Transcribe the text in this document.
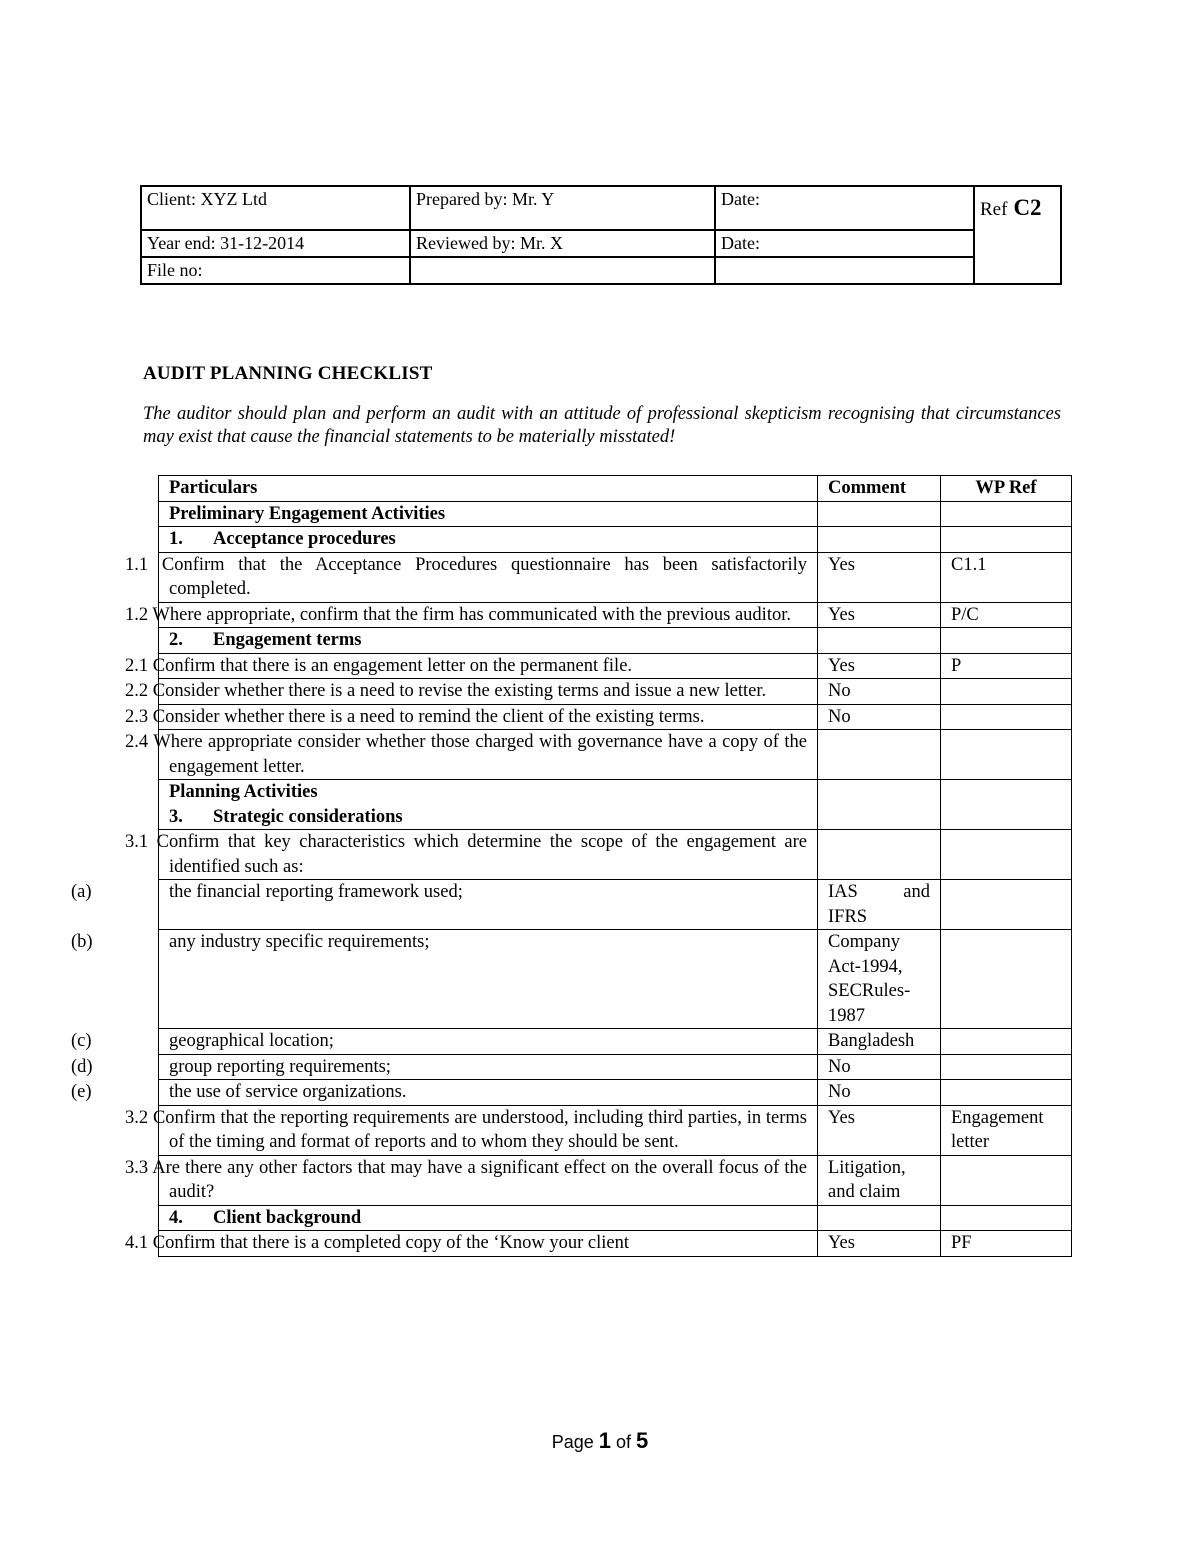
Client: XYZ Ltd	Prepared by: Mr. Y	Date:	Ref C2
Year end: 31-12-2014	Reviewed by: Mr. X	Date:	
File no:			
AUDIT PLANNING CHECKLIST

The auditor should plan and perform an audit with an attitude of professional skepticism recognising that circumstances may exist that cause the financial statements to be materially misstated!

Particulars	Comment	WP Ref
Preliminary Engagement Activities		
1. Acceptance procedures		
1.1 Confirm that the Acceptance Procedures questionnaire has been satisfactorily completed.	Yes	C1.1
1.2 Where appropriate, confirm that the firm has communicated with the previous auditor.	Yes	P/C
2. Engagement terms		
2.1 Confirm that there is an engagement letter on the permanent file.	Yes	P
2.2 Consider whether there is a need to revise the existing terms and issue a new letter.	No	
2.3 Consider whether there is a need to remind the client of the existing terms.	No	
2.4 Where appropriate consider whether those charged with governance have a copy of the engagement letter.		

Planning Activities
3. Strategic considerations		

3.1 Confirm that key characteristics which determine the scope of the engagement are identified such as:		
(a) the financial reporting framework used;	IAS and IFRS	
(b) any industry specific requirements;	Company Act-1994, SECRules-1987	
(c) geographical location;	Bangladesh	
(d) group reporting requirements;	No	
(e) the use of service organizations.	No	
3.2 Confirm that the reporting requirements are understood, including third parties, in terms of the timing and format of reports and to whom they should be sent.	Yes	Engagement letter
3.3 Are there any other factors that may have a significant effect on the overall focus of the audit?	Litigation, and claim	
4. Client background		
4.1 Confirm that there is a completed copy of the ‘Know your client	Yes	PF
Page 1 of 5
